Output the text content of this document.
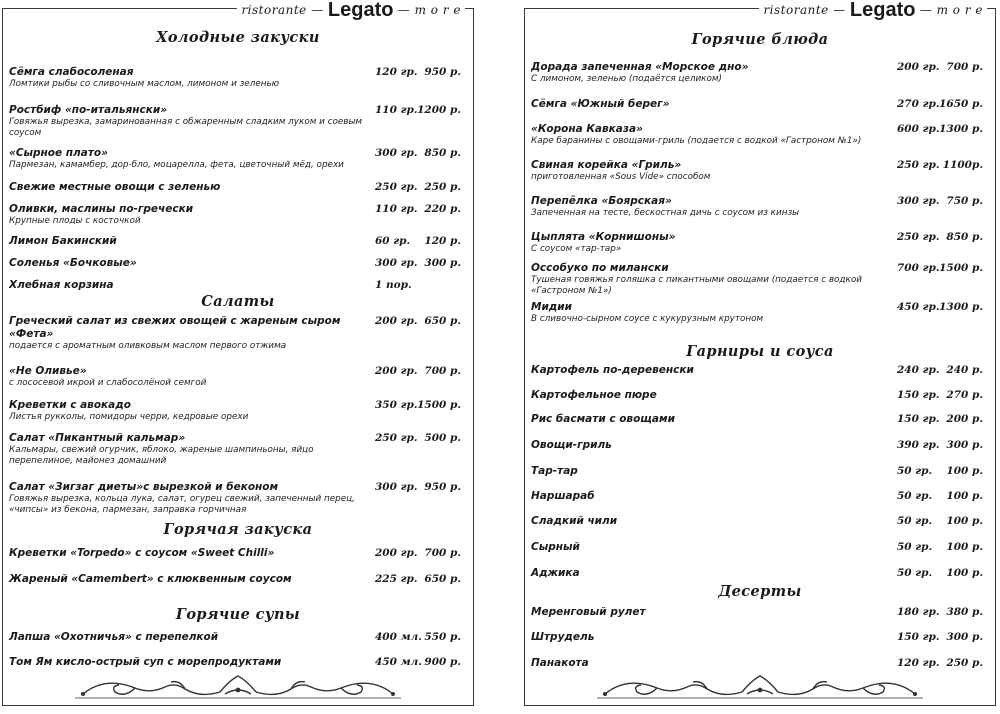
ristorante — Legato — m o r e
Холодные закуски
Сёмга слабосоленая	120 гр. 950 р.
Ломтики рыбы со сливочным маслом, лимоном и зеленью
Ростбиф «по-итальянски»	110 гр. 1200 р.
Говяжья вырезка, замаринованная с обжаренным сладким луком и соевым соусом
«Сырное плато»	300 гр. 850 р.
Пармезан, камамбер, дор-бло, моцарелла, фета, цветочный мёд, орехи
Свежие местные овощи с зеленью	250 гр. 250 р.
Оливки, маслины по-гречески	110 гр. 220 р.
Крупные плоды с косточкой
Лимон Бакинский	60 гр. 120 р.
Соленья «Бочковые»	300 гр. 300 р.
Хлебная корзина	1 пор.
Салаты
Греческий салат из свежих овощей с жареным сыром «Фета»
200 гр. 650 р.
подается с ароматным оливковым маслом первого отжима
«Не Оливье»	200 гр. 700 р.
с лососевой икрой и слабосолёной семгой
Креветки с авокадо	350 гр. 1500 р.
Листья рукколы, помидоры черри, кедровые орехи
Салат «Пикантный кальмар»	250 гр. 500 р.
Кальмары, свежий огурчик, яблоко, жареные шампиньоны, яйцо перепелиное, майонез домашний
Салат «Зигзаг диеты»с вырезкой и беконом	300 гр. 950 р.
Говяжья вырезка, кольца лука, салат, огурец свежий, запеченный перец, «чипсы» из бекона, пармезан, заправка горчичная
Горячая закуска
Креветки «Torpedo» с соусом «Sweet Chilli»	200 гр. 700 р.
Жареный «Camembert» с клюквенным соусом	225 гр. 650 р.
Горячие супы
Лапша «Охотничья» с перепелкой	400 мл. 550 р.
Том Ям кисло-острый суп с морепродуктами	450 мл. 900 р.
ristorante — Legato — m o r e
Горячие блюда
Дорада запеченная «Морское дно»	200 гр. 700 р.
С лимоном, зеленью (подаётся целиком)
Сёмга «Южный берег»	270 гр. 1650 р.
«Корона Кавказа»	600 гр. 1300 р.
Каре баранины с овощами-гриль (подается с водкой «Гастроном №1»)
Свиная корейка «Гриль»	250 гр. 1100р.
приготовленная «Sous Vide» способом
Перепёлка «Боярская»	300 гр. 750 р.
Запеченная на тесте, бескостная дичь с соусом из кинзы
Цыплята «Корнишоны»	250 гр. 850 р.
С соусом «тар-тар»
Оссобуко по милански	700 гр. 1500 р.
Тушеная говяжья голяшка с пикантными овощами (подается с водкой «Гастроном №1»)
Мидии	450 гр. 1300 р.
В сливочно-сырном соусе с кукурузным крутоном
Гарниры и соуса
Картофель по-деревенски	240 гр. 240 р.
Картофельное пюре	150 гр. 270 р.
Рис басмати с овощами	150 гр. 200 р.
Овощи-гриль	390 гр. 300 р.
Тар-тар	50 гр. 100 р.
Наршараб	50 гр. 100 р.
Сладкий чили	50 гр. 100 р.
Сырный	50 гр. 100 р.
Аджика	50 гр. 100 р.
Десерты
Меренговый рулет	180 гр. 380 р.
Штрудель	150 гр. 300 р.
Панакота	120 гр. 250 р.
